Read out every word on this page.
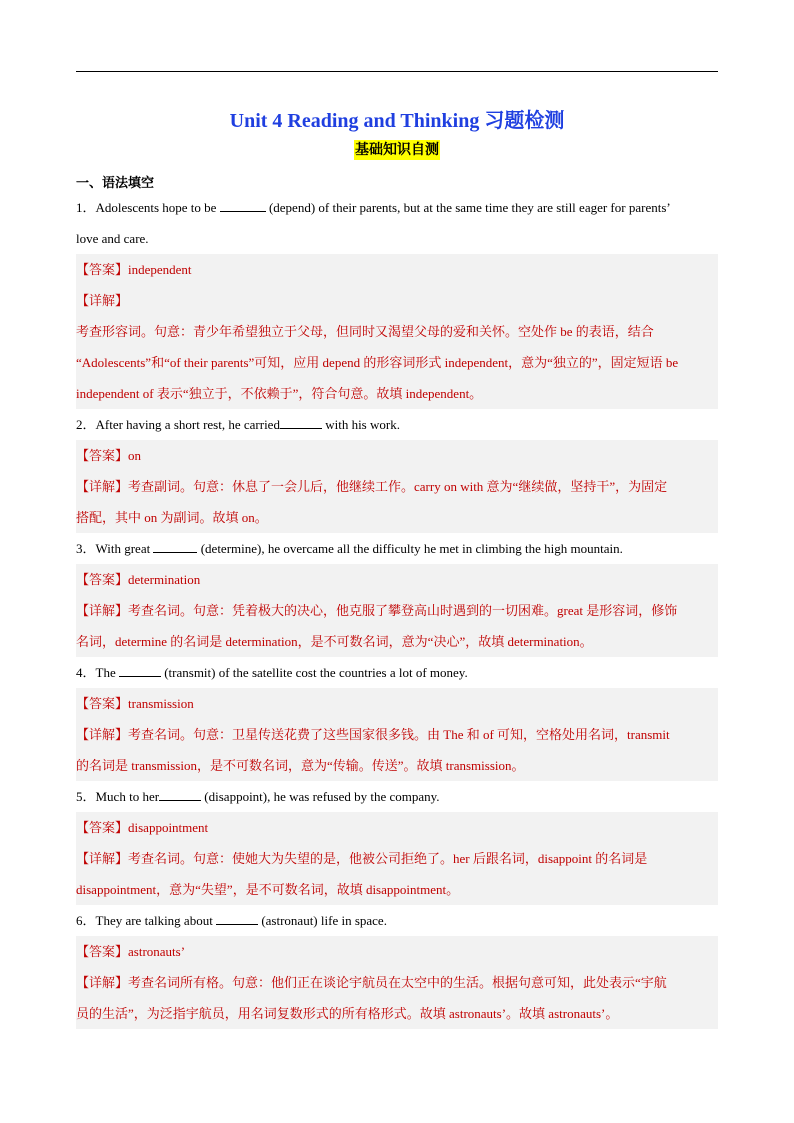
Unit 4 Reading and Thinking 习题检测
基础知识自测
一、语法填空

1．Adolescents hope to be	(depend) of their parents, but at the same time they are still eager for parents’

love and care.

【答案】independent
【详解】
考查形容词。句意：青少年希望独立于父母，但同时又渴望父母的爱和关怀。空处作 be 的表语，结合
“Adolescents”和“of their parents”可知，应用 depend 的形容词形式 independent，意为“独立的”，固定短语 be
independent of 表示“独立于，不依赖于”，符合句意。故填 independent。

2．After having a short rest, he carried	with his work.

【答案】on
【详解】考查副词。句意：休息了一会儿后，他继续工作。carry on with 意为“继续做，坚持干”，为固定
搭配，其中 on 为副词。故填 on。

3．With great	(determine), he overcame all the difficulty he met in climbing the high mountain.

【答案】determination
【详解】考查名词。句意：凭着极大的决心，他克服了攀登高山时遇到的一切困难。great 是形容词，修饰
名词，determine 的名词是 determination，是不可数名词，意为“决心”，故填 determination。

4．The	(transmit) of the satellite cost the countries a lot of money.

【答案】transmission
【详解】考查名词。句意：卫星传送花费了这些国家很多钱。由 The 和 of 可知，空格处用名词，transmit
的名词是 transmission，是不可数名词，意为“传输。传送”。故填 transmission。

5．Much to her	(disappoint), he was refused by the company.

【答案】disappointment
【详解】考查名词。句意：使她大为失望的是，他被公司拒绝了。her 后跟名词，disappoint 的名词是
disappointment，意为“失望”，是不可数名词，故填 disappointment。

6．They are talking about	(astronaut) life in space.

【答案】astronauts’
【详解】考查名词所有格。句意：他们正在谈论宇航员在太空中的生活。根据句意可知，此处表示“宇航
员的生活”，为泛指宇航员，用名词复数形式的所有格形式。故填 astronauts’。故填 astronauts’。
